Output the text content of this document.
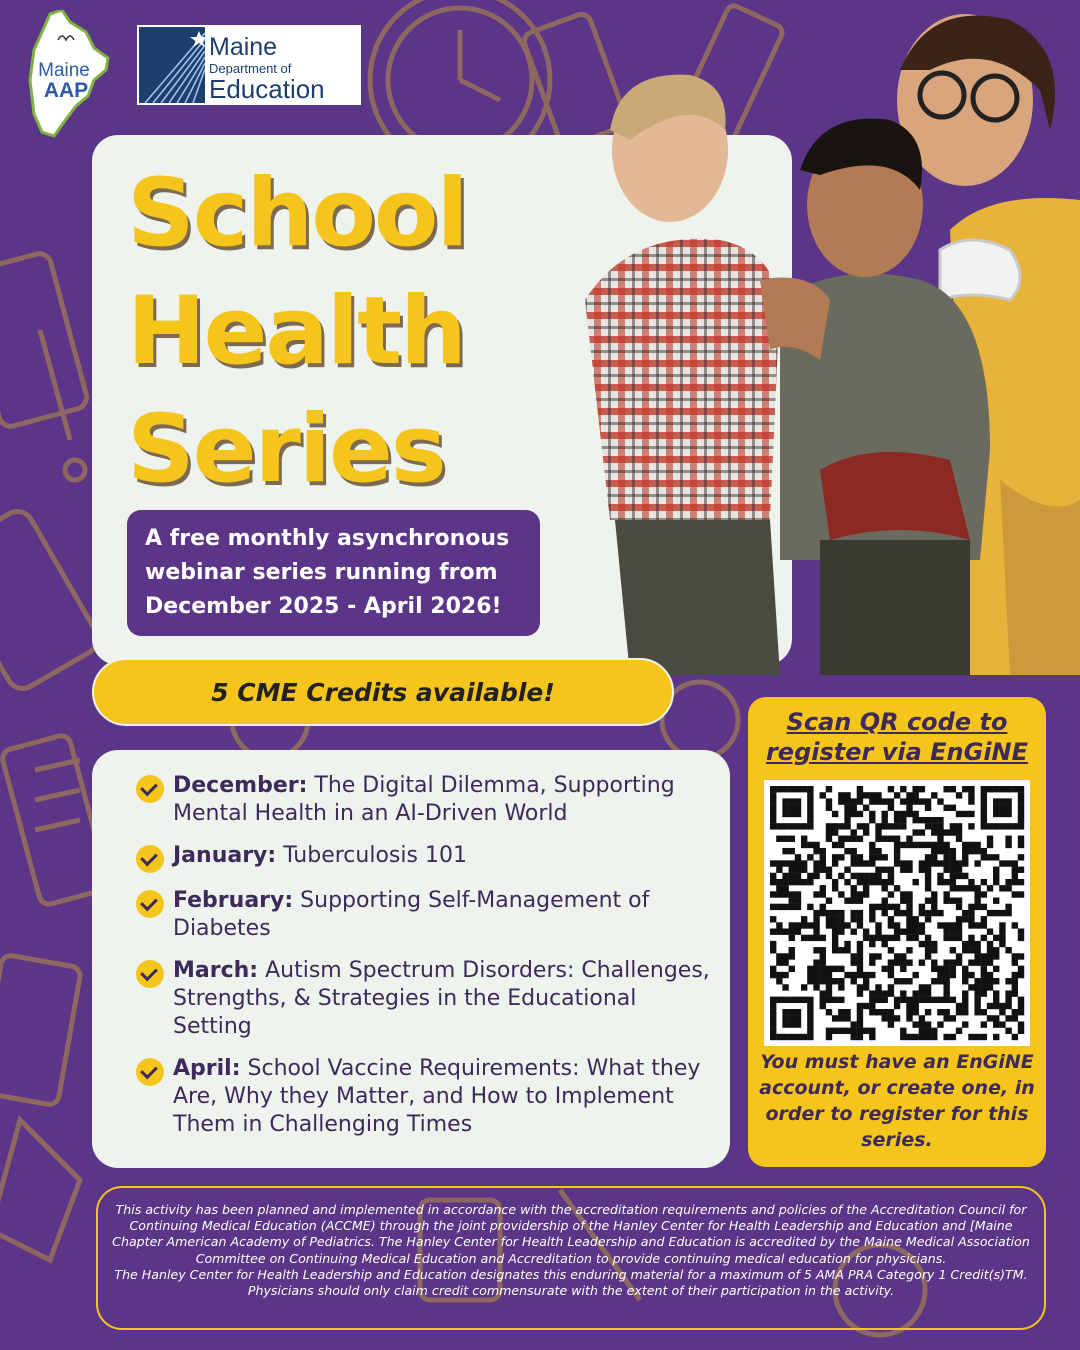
Maine
AAP
Maine
Department of
Education
School
Health
Series
A free monthly asynchronous webinar series running from December 2025 - April 2026!
5 CME Credits available!
December: The Digital Dilemma, Supporting Mental Health in an AI-Driven World
January: Tuberculosis 101
February: Supporting Self-Management of Diabetes
March: Autism Spectrum Disorders: Challenges, Strengths, & Strategies in the Educational Setting
April: School Vaccine Requirements: What they Are, Why they Matter, and How to Implement Them in Challenging Times
Scan QR code to
register via EnGiNE
You must have an EnGiNE account, or create one, in order to register for this series.
This activity has been planned and implemented in accordance with the accreditation requirements and policies of the Accreditation Council for Continuing Medical Education (ACCME) through the joint providership of the Hanley Center for Health Leadership and Education and [Maine Chapter American Academy of Pediatrics. The Hanley Center for Health Leadership and Education is accredited by the Maine Medical Association Committee on Continuing Medical Education and Accreditation to provide continuing medical education for physicians.
The Hanley Center for Health Leadership and Education designates this enduring material for a maximum of 5 AMA PRA Category 1 Credit(s)TM. Physicians should only claim credit commensurate with the extent of their participation in the activity.
